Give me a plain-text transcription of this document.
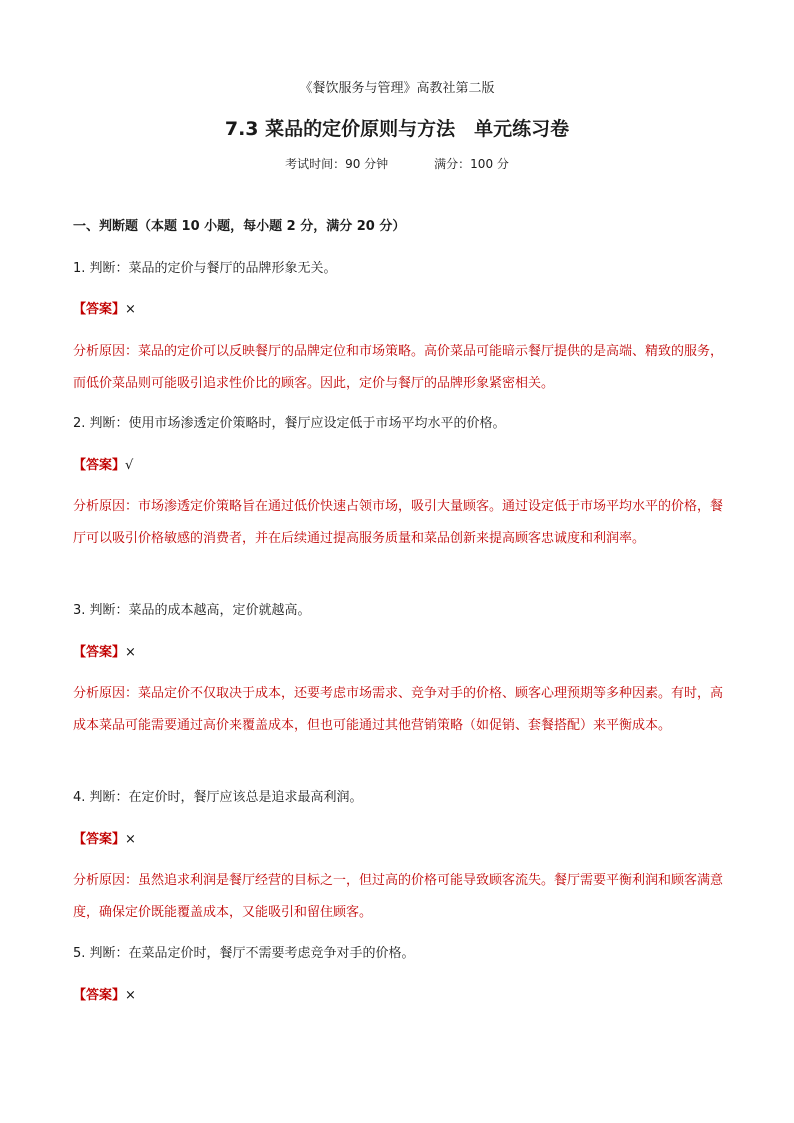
《餐饮服务与管理》高教社第二版
7.3 菜品的定价原则与方法　单元练习卷
考试时间：90 分钟	满分：100 分
一、判断题（本题 10 小题，每小题 2 分，满分 20 分）
1. 判断：菜品的定价与餐厅的品牌形象无关。
【答案】×
分析原因：菜品的定价可以反映餐厅的品牌定位和市场策略。高价菜品可能暗示餐厅提供的是高端、精致的服务，而低价菜品则可能吸引追求性价比的顾客。因此，定价与餐厅的品牌形象紧密相关。
2. 判断：使用市场渗透定价策略时，餐厅应设定低于市场平均水平的价格。
【答案】√
分析原因：市场渗透定价策略旨在通过低价快速占领市场，吸引大量顾客。通过设定低于市场平均水平的价格，餐厅可以吸引价格敏感的消费者，并在后续通过提高服务质量和菜品创新来提高顾客忠诚度和利润率。
3. 判断：菜品的成本越高，定价就越高。
【答案】×
分析原因：菜品定价不仅取决于成本，还要考虑市场需求、竞争对手的价格、顾客心理预期等多种因素。有时，高成本菜品可能需要通过高价来覆盖成本，但也可能通过其他营销策略（如促销、套餐搭配）来平衡成本。
4. 判断：在定价时，餐厅应该总是追求最高利润。
【答案】×
分析原因：虽然追求利润是餐厅经营的目标之一，但过高的价格可能导致顾客流失。餐厅需要平衡利润和顾客满意度，确保定价既能覆盖成本，又能吸引和留住顾客。
5. 判断：在菜品定价时，餐厅不需要考虑竞争对手的价格。
【答案】×
